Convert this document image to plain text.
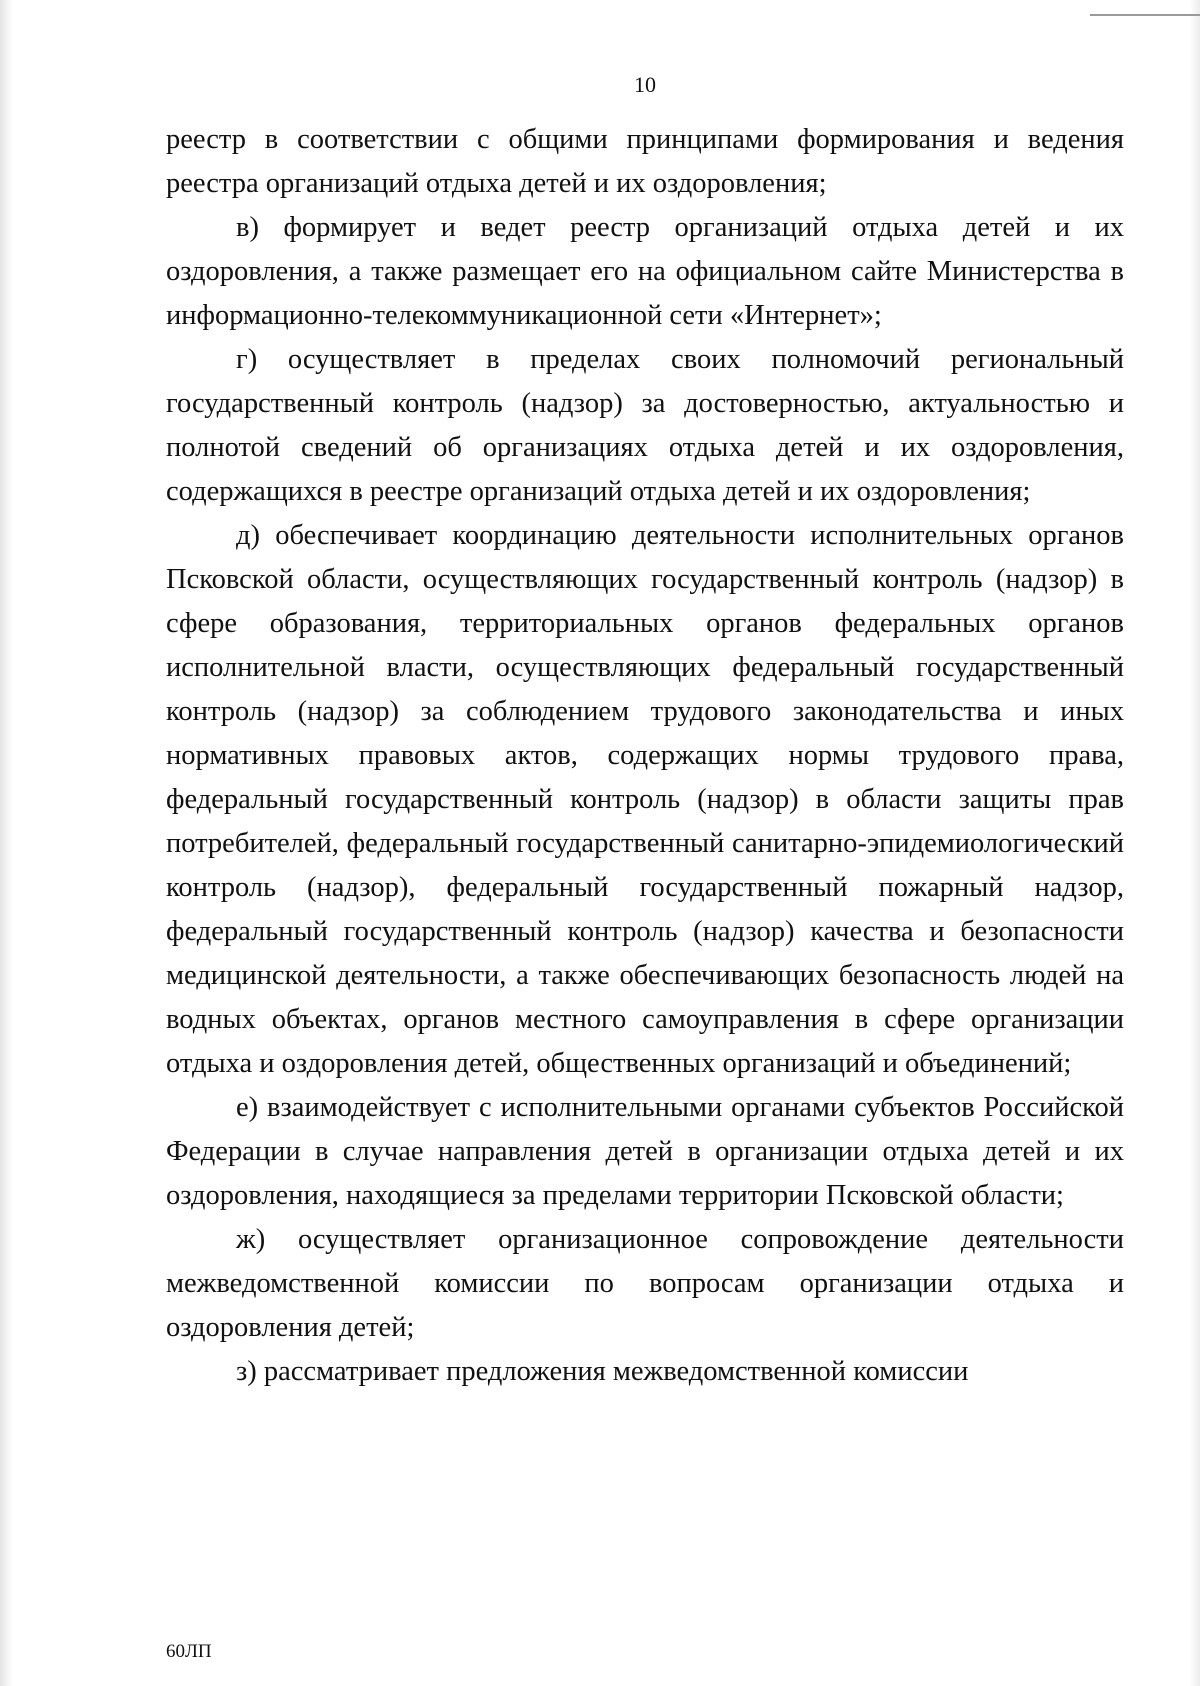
10

реестр в соответствии с общими принципами формирования и ведения реестра организаций отдыха детей и их оздоровления;

в) формирует и ведет реестр организаций отдыха детей и их оздоровления, а также размещает его на официальном сайте Министерства в информационно-телекоммуникационной сети «Интернет»;

г) осуществляет в пределах своих полномочий региональный государственный контроль (надзор) за достоверностью, актуальностью и полнотой сведений об организациях отдыха детей и их оздоровления, содержащихся в реестре организаций отдыха детей и их оздоровления;

д) обеспечивает координацию деятельности исполнительных органов Псковской области, осуществляющих государственный контроль (надзор) в сфере образования, территориальных органов федеральных органов исполнительной власти, осуществляющих федеральный государственный контроль (надзор) за соблюдением трудового законодательства и иных нормативных правовых актов, содержащих нормы трудового права, федеральный государственный контроль (надзор) в области защиты прав потребителей, федеральный государственный санитарно-эпидемиологический контроль (надзор), федеральный государственный пожарный надзор, федеральный государственный контроль (надзор) качества и безопасности медицинской деятельности, а также обеспечивающих безопасность людей на водных объектах, органов местного самоуправления в сфере организации отдыха и оздоровления детей, общественных организаций и объединений;

е) взаимодействует с исполнительными органами субъектов Российской Федерации в случае направления детей в организации отдыха детей и их оздоровления, находящиеся за пределами территории Псковской области;

ж) осуществляет организационное сопровождение деятельности межведомственной комиссии по вопросам организации отдыха и оздоровления детей;

з) рассматривает предложения межведомственной комиссии

60ЛП
